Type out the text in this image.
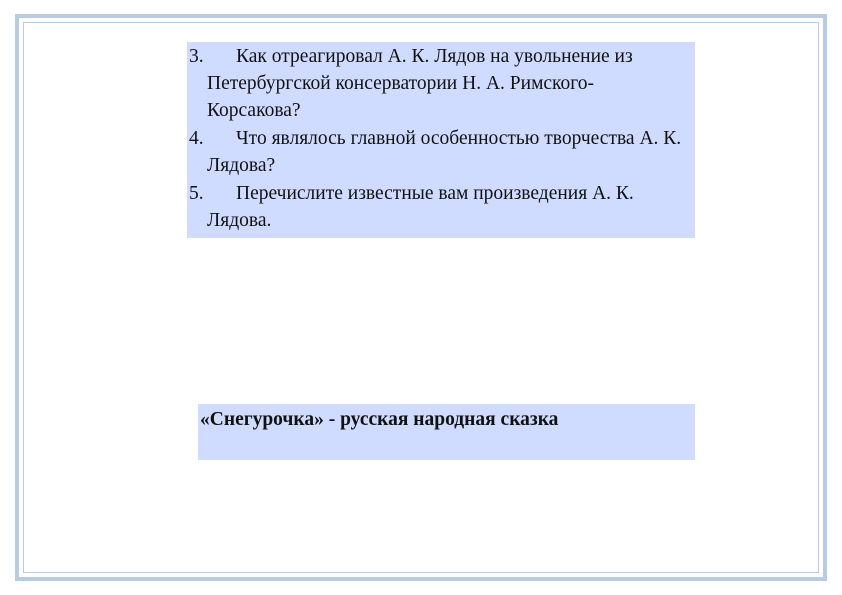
3.	Как отреагировал А. К. Лядов на увольнение из Петербургской консерватории Н. А. Римского-Корсакова?
4.	Что являлось главной особенностью творчества А. К. Лядова?
5.	Перечислите известные вам произведения А. К. Лядова.
«Снегурочка» - русская народная сказка
